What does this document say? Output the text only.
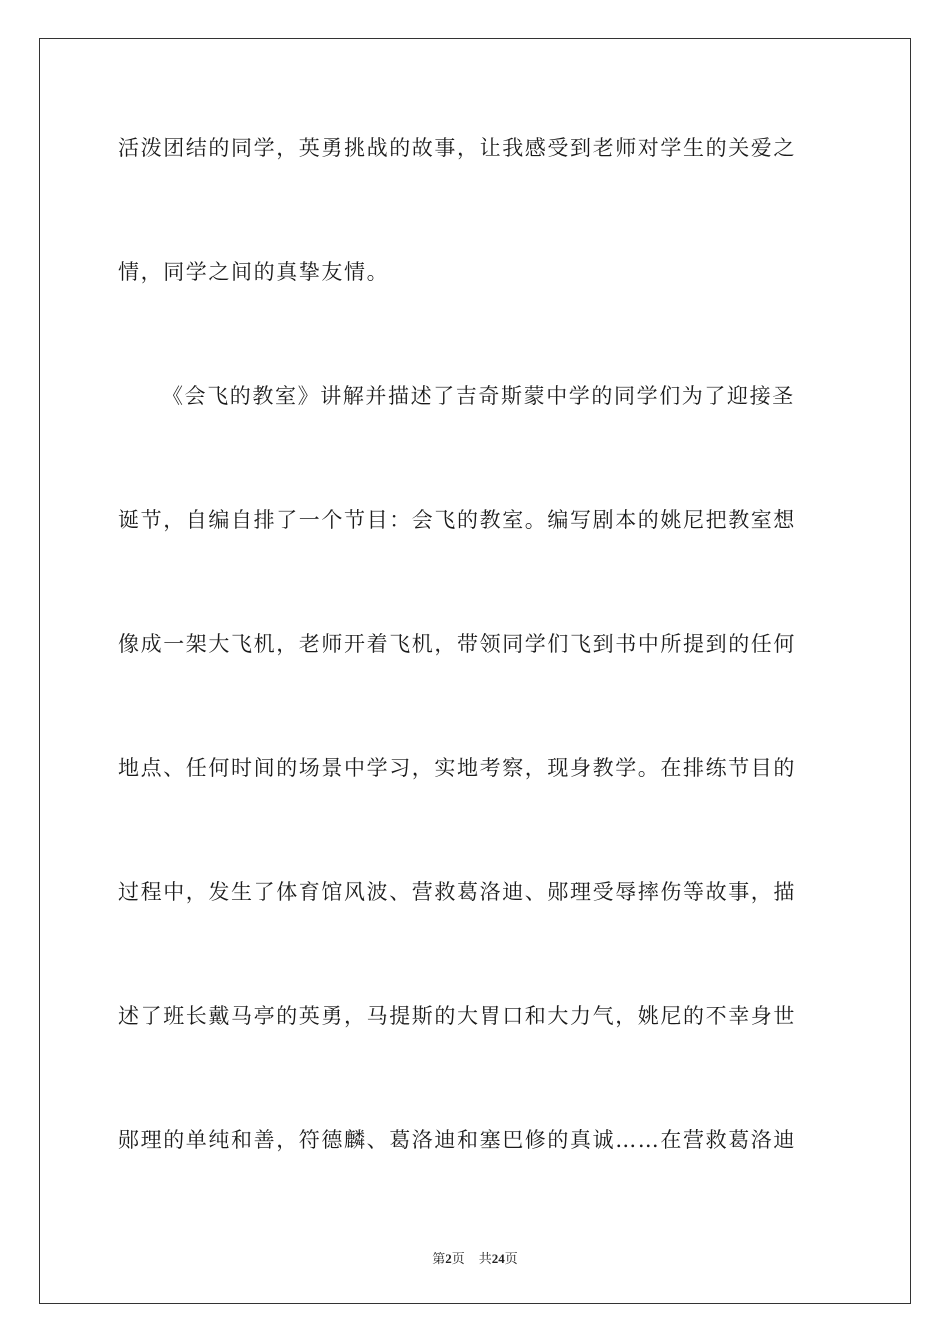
活泼团结的同学，英勇挑战的故事，让我感受到老师对学生的关爱之
情，同学之间的真挚友情。
《会飞的教室》讲解并描述了吉奇斯蒙中学的同学们为了迎接圣
诞节，自编自排了一个节目：会飞的教室。编写剧本的姚尼把教室想
像成一架大飞机，老师开着飞机，带领同学们飞到书中所提到的任何
地点、任何时间的场景中学习，实地考察，现身教学。在排练节目的
过程中，发生了体育馆风波、营救葛洛迪、郧理受辱摔伤等故事，描
述了班长戴马亭的英勇，马提斯的大胃口和大力气，姚尼的不幸身世
郧理的单纯和善，符德麟、葛洛迪和塞巴修的真诚……在营救葛洛迪
第2页 共24页
